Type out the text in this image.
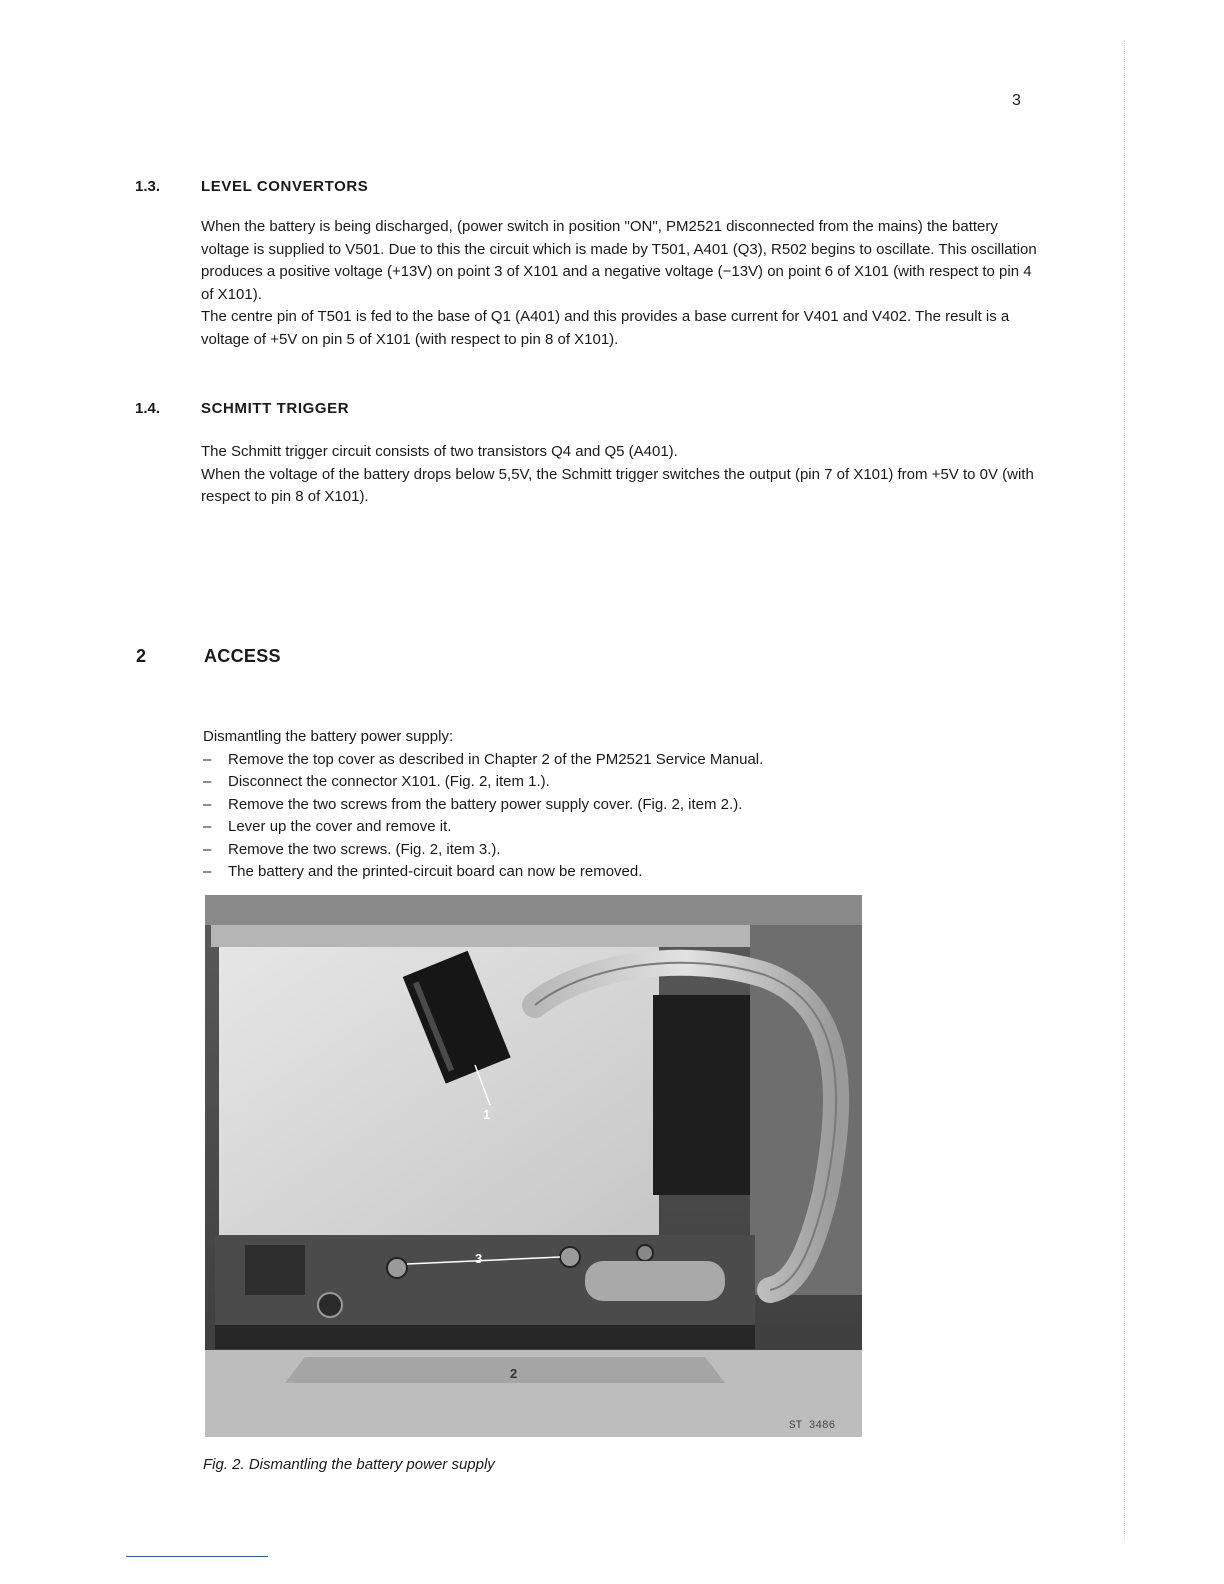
3
1.3.	LEVEL CONVERTORS

When the battery is being discharged, (power switch in position "ON", PM2521 disconnected from the mains) the battery voltage is supplied to V501. Due to this the circuit which is made by T501, A401 (Q3), R502 begins to oscillate. This oscillation produces a positive voltage (+13V) on point 3 of X101 and a negative voltage (−13V) on point 6 of X101 (with respect to pin 4 of X101).

The centre pin of T501 is fed to the base of Q1 (A401) and this provides a base current for V401 and V402. The result is a voltage of +5V on pin 5 of X101 (with respect to pin 8 of X101).

1.4.	SCHMITT TRIGGER

The Schmitt trigger circuit consists of two transistors Q4 and Q5 (A401).

When the voltage of the battery drops below 5,5V, the Schmitt trigger switches the output (pin 7 of X101) from +5V to 0V (with respect to pin 8 of X101).

2	ACCESS

Dismantling the battery power supply:

– Remove the top cover as described in Chapter 2 of the PM2521 Service Manual.
– Disconnect the connector X101. (Fig. 2, item 1.).
– Remove the two screws from the battery power supply cover. (Fig. 2, item 2.).
– Lever up the cover and remove it.
– Remove the two screws. (Fig. 2, item 3.).
– The battery and the printed-circuit board can now be removed.
1
3
2
ST 3486
Fig. 2. Dismantling the battery power supply
